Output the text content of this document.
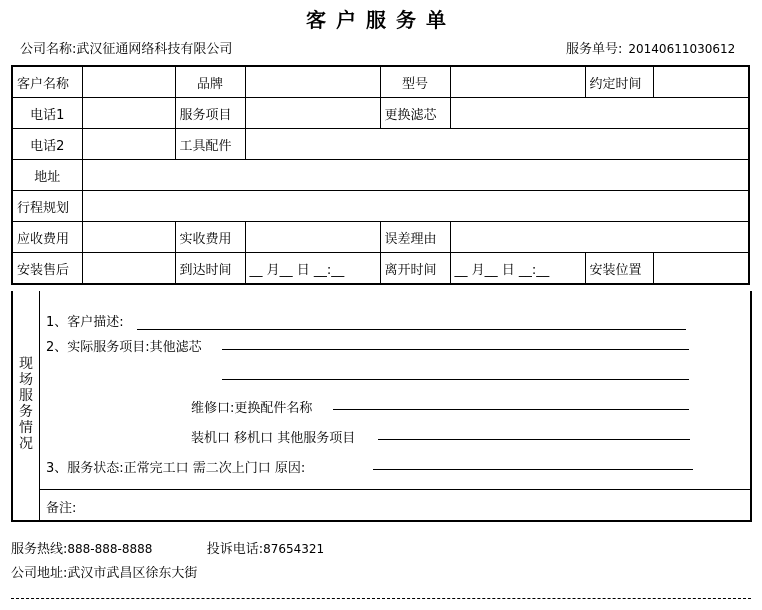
客户服务单
公司名称:武汉征通网络科技有限公司	服务单号: 2014061103061​2
客户名称		品牌		型号		约定时间	
电话1		服务项目		更换滤芯			
电话2		工具配件					
地址							
行程规划							
应收费用		实收费用		误差理由			
安装售后		到达时间	__ 月__ 日 __:__	离开时间	__ 月__ 日 __:__	安装位置	
现场服务情况
1、客户描述:
2、实际服务项目:其他滤芯
维修口:更换配件名称
装机口 移机口 其他服务项目
3、服务状态:正常完工口 需二次上门口 原因:
备注:
服务热线:888-888-8888	投诉电话:87654321
公司地址:武汉市武昌区徐东大街
